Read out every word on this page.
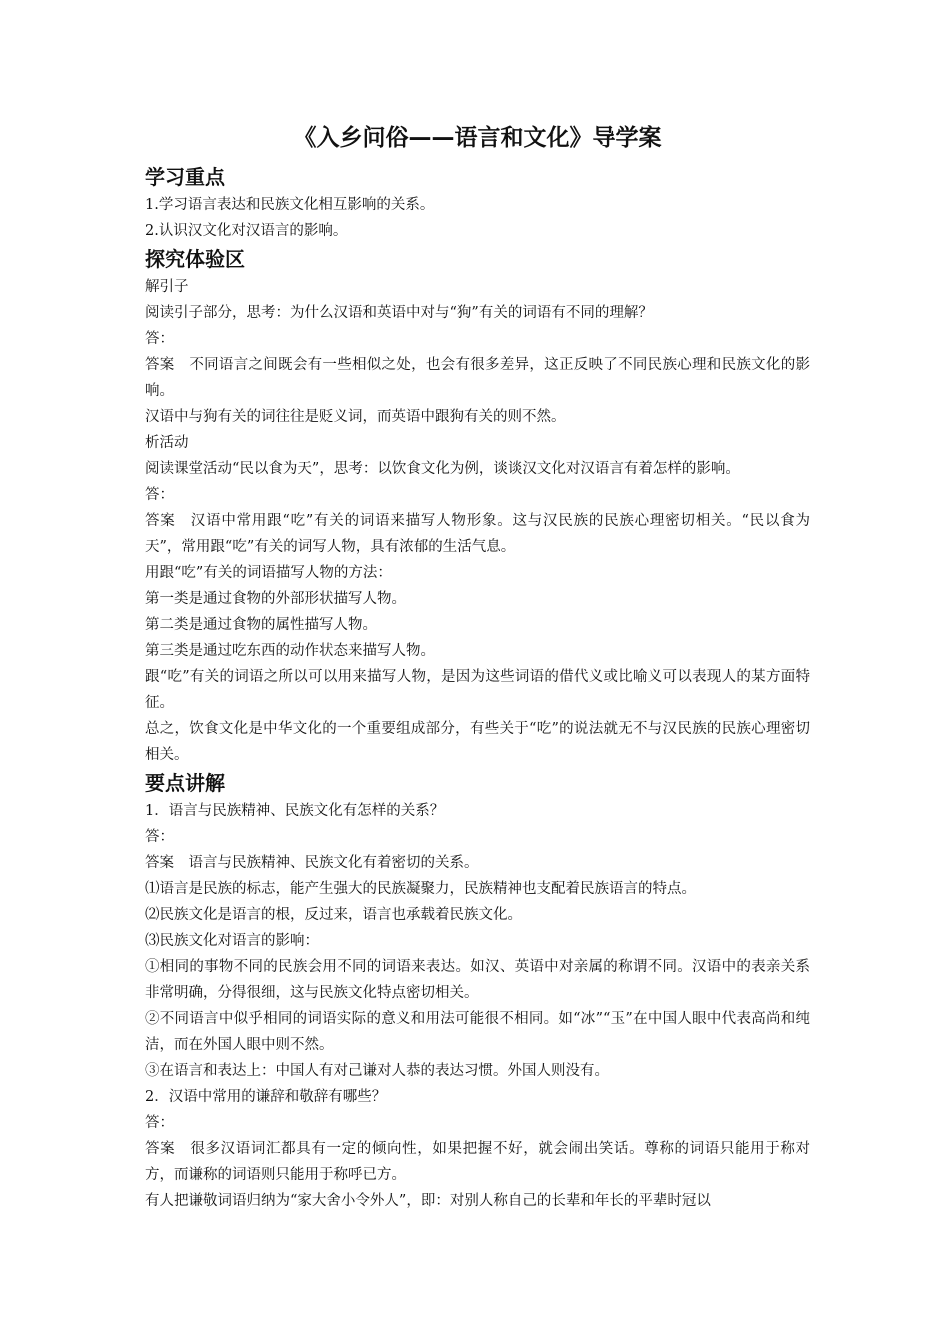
《入乡问俗——语言和文化》导学案
学习重点

1.学习语言表达和民族文化相互影响的关系。

2.认识汉文化对汉语言的影响。

探究体验区

解引子

阅读引子部分，思考：为什么汉语和英语中对与“狗”有关的词语有不同的理解？

答：

答案　不同语言之间既会有一些相似之处，也会有很多差异，这正反映了不同民族心理和民族文化的影响。

汉语中与狗有关的词往往是贬义词，而英语中跟狗有关的则不然。

析活动

阅读课堂活动“民以食为天”，思考：以饮食文化为例，谈谈汉文化对汉语言有着怎样的影响。

答：

答案　汉语中常用跟“吃”有关的词语来描写人物形象。这与汉民族的民族心理密切相关。“民以食为天”，常用跟“吃”有关的词写人物，具有浓郁的生活气息。

用跟“吃”有关的词语描写人物的方法：

第一类是通过食物的外部形状描写人物。

第二类是通过食物的属性描写人物。

第三类是通过吃东西的动作状态来描写人物。

跟“吃”有关的词语之所以可以用来描写人物，是因为这些词语的借代义或比喻义可以表现人的某方面特征。

总之，饮食文化是中华文化的一个重要组成部分，有些关于“吃”的说法就无不与汉民族的民族心理密切相关。

要点讲解

1．语言与民族精神、民族文化有怎样的关系？

答：

答案　语言与民族精神、民族文化有着密切的关系。

⑴语言是民族的标志，能产生强大的民族凝聚力，民族精神也支配着民族语言的特点。

⑵民族文化是语言的根，反过来，语言也承载着民族文化。

⑶民族文化对语言的影响：

①相同的事物不同的民族会用不同的词语来表达。如汉、英语中对亲属的称谓不同。汉语中的表亲关系非常明确，分得很细，这与民族文化特点密切相关。

②不同语言中似乎相同的词语实际的意义和用法可能很不相同。如“冰”“玉”在中国人眼中代表高尚和纯洁，而在外国人眼中则不然。

③在语言和表达上：中国人有对己谦对人恭的表达习惯。外国人则没有。

2．汉语中常用的谦辞和敬辞有哪些？

答：

答案　很多汉语词汇都具有一定的倾向性，如果把握不好，就会闹出笑话。尊称的词语只能用于称对方，而谦称的词语则只能用于称呼已方。

有人把谦敬词语归纳为“家大舍小令外人”，即：对别人称自己的长辈和年长的平辈时冠以
